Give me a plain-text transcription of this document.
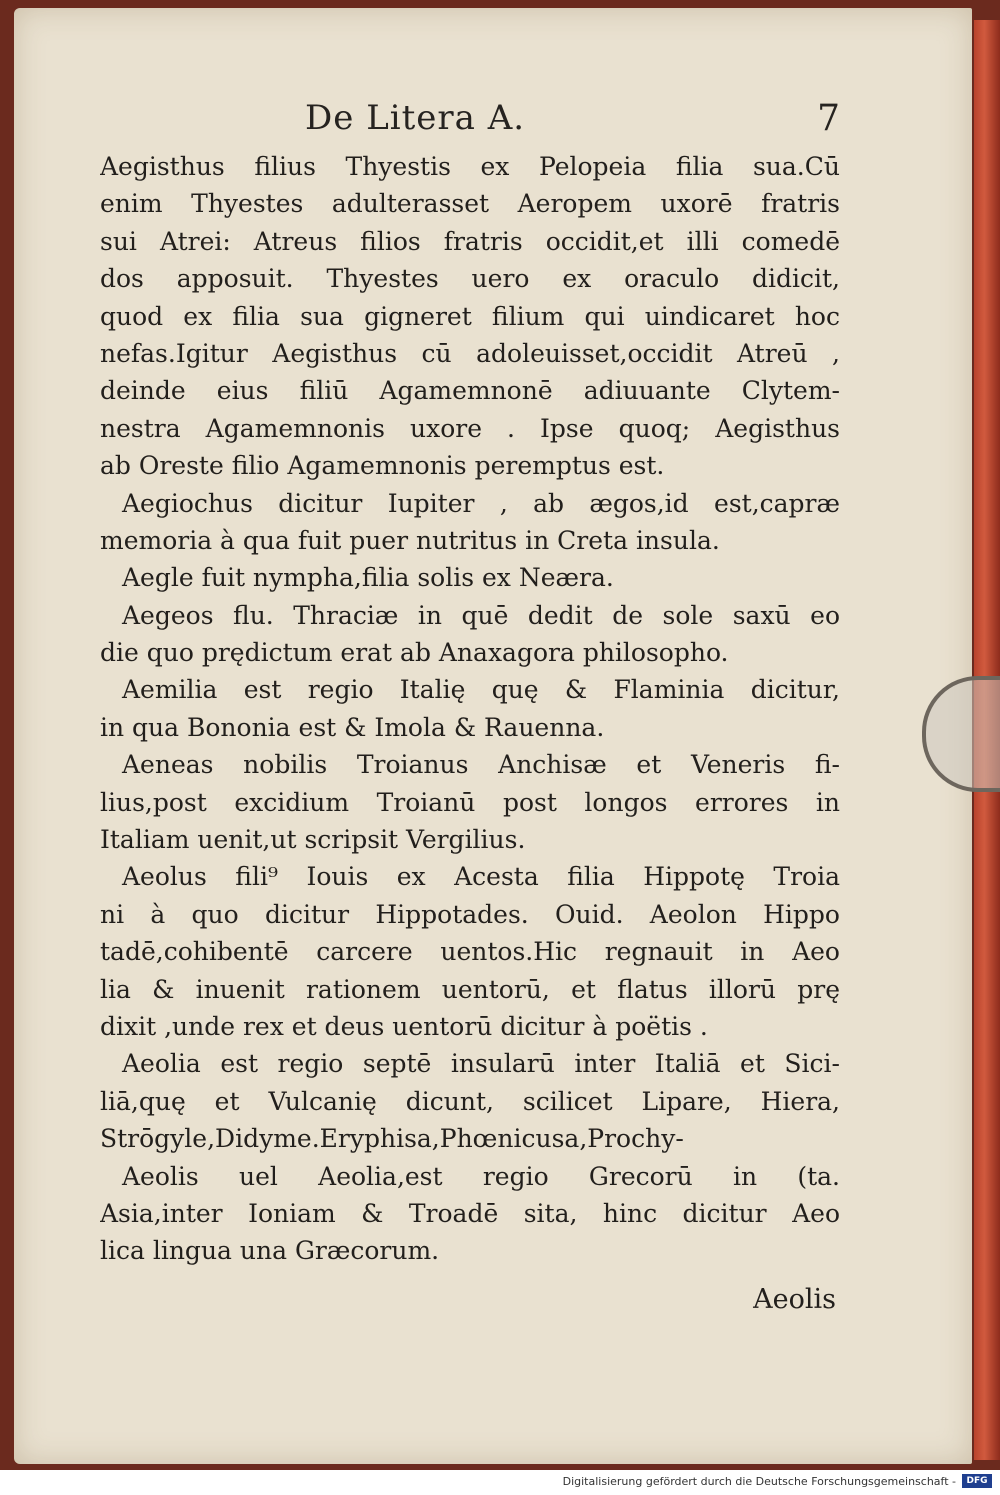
De Litera A.	7
Aegisthus filius Thyestis ex Pelopeia filia sua.Cū
enim Thyestes adulterasset Aeropem uxorē fratris
sui Atrei: Atreus filios fratris occidit,et illi comedē
dos apposuit. Thyestes uero ex oraculo didicit,
quod ex filia sua gigneret filium qui uindicaret hoc
nefas.Igitur Aegisthus cū adoleuisset,occidit Atreū ,
deinde eius filiū Agamemnonē adiuuante Clytem-
nestra Agamemnonis uxore . Ipse quoq; Aegisthus
ab Oreste filio Agamemnonis peremptus est.
Aegiochus dicitur Iupiter , ab ægos,id est,capræ
memoria à qua fuit puer nutritus in Creta insula.
Aegle fuit nympha,filia solis ex Neæra.
Aegeos flu. Thraciæ in quē dedit de sole saxū eo
die quo prędictum erat ab Anaxagora philosopho.
Aemilia est regio Italię quę & Flaminia dicitur,
in qua Bononia est & Imola & Rauenna.
Aeneas nobilis Troianus Anchisæ et Veneris fi-
lius,post excidium Troianū post longos errores in
Italiam uenit,ut scripsit Vergilius.
Aeolus fili⁹ Iouis ex Acesta filia Hippotę Troia
ni à quo dicitur Hippotades. Ouid. Aeolon Hippo
tadē,cohibentē carcere uentos.Hic regnauit in Aeo
lia & inuenit rationem uentorū, et flatus illorū prę
dixit ,unde rex et deus uentorū dicitur à poëtis .
Aeolia est regio septē insularū inter Italiā et Sici-
liā,quę et Vulcanię dicunt, scilicet Lipare, Hiera,
Strōgyle,Didyme.Eryphisa,Phœnicusa,Prochy-
Aeolis uel Aeolia,est regio Grecorū in (ta.
Asia,inter Ioniam & Troadē sita, hinc dicitur Aeo
lica lingua una Græcorum.
Aeolis
Digitalisierung gefördert durch die Deutsche Forschungsgemeinschaft -	DFG
